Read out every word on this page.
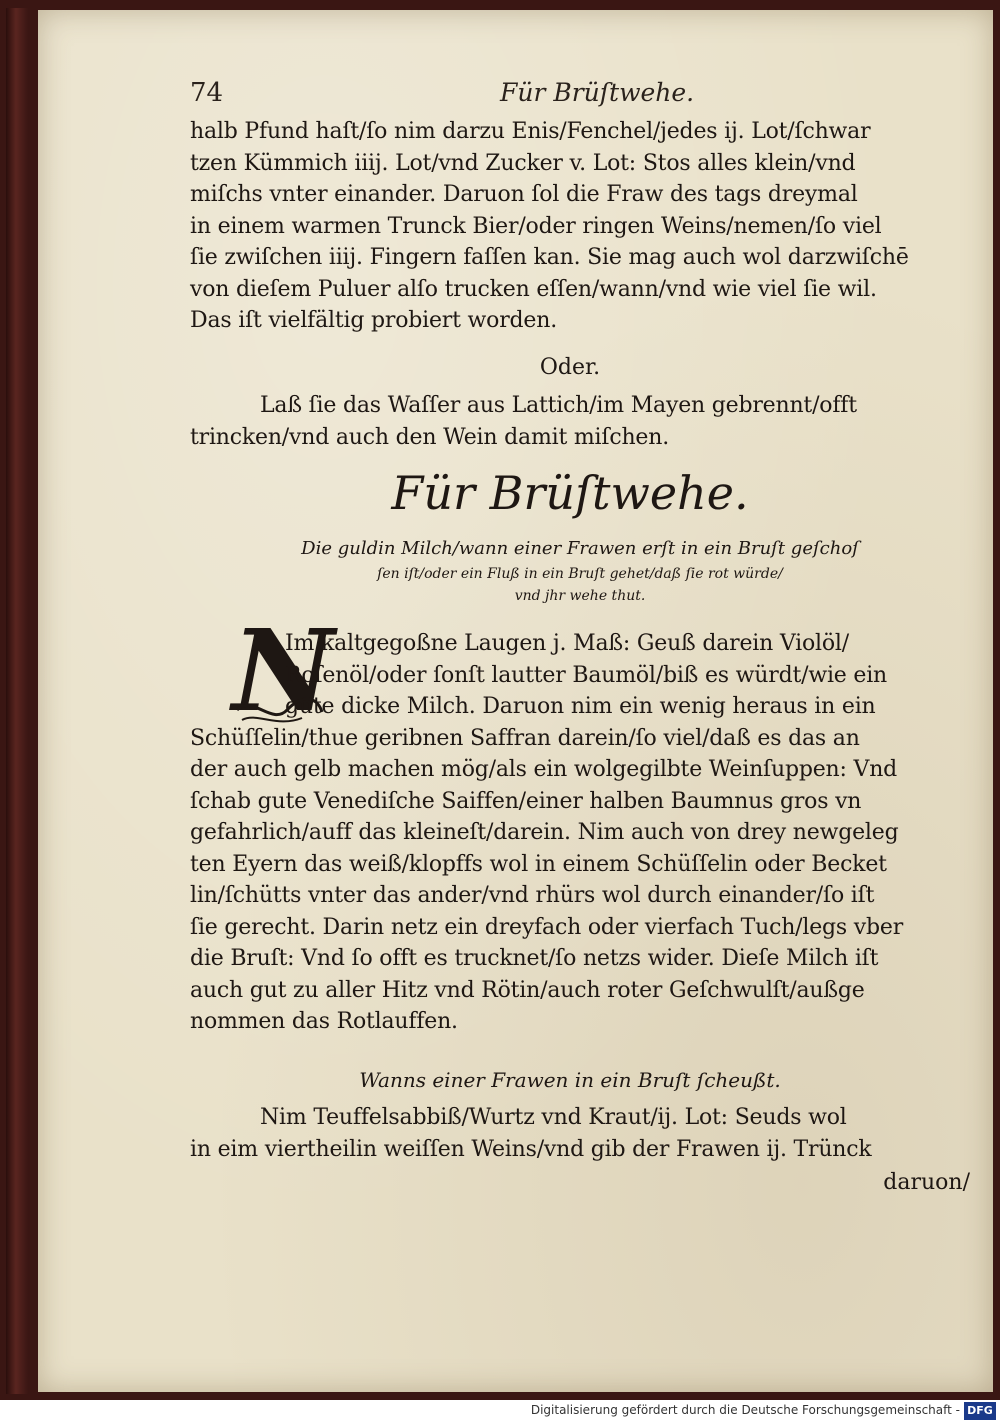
74	Für Brüſtwehe.
halb Pfund haſt/ſo nim darzu Enis/Fenchel/jedes ij. Lot/ſchwar
tzen Kümmich iiij. Lot/vnd Zucker v. Lot: Stos alles klein/vnd
miſchs vnter einander. Daruon ſol die Fraw des tags dreymal
in einem warmen Trunck Bier/oder ringen Weins/nemen/ſo viel
ſie zwiſchen iiij. Fingern faſſen kan. Sie mag auch wol darzwiſchē
von dieſem Puluer alſo trucken eſſen/wann/vnd wie viel ſie wil.
Das iſt vielfältig probiert worden.
Oder.
Laß ſie das Waſſer aus Lattich/im Mayen gebrennt/offt
trincken/vnd auch den Wein damit miſchen.
Für Brüſtwehe.
Die guldin Milch/wann einer Frawen erſt in ein Bruſt geſchoſ
ſen iſt/oder ein Fluß in ein Bruſt gehet/daß ſie rot würde/
vnd jhr wehe thut.
N
Im kaltgegoßne Laugen j. Maß: Geuß darein Violöl/
Roſenöl/oder ſonſt lautter Baumöl/biß es würdt/wie ein
gute dicke Milch. Daruon nim ein wenig heraus in ein
Schüſſelin/thue geribnen Saffran darein/ſo viel/daß es das an
der auch gelb machen mög/als ein wolgegilbte Weinſuppen: Vnd
ſchab gute Venediſche Saiffen/einer halben Baumnus gros vn
gefahrlich/auff das kleineſt/darein. Nim auch von drey newgeleg
ten Eyern das weiß/klopffs wol in einem Schüſſelin oder Becket
lin/ſchütts vnter das ander/vnd rhürs wol durch einander/ſo iſt
ſie gerecht. Darin netz ein dreyfach oder vierfach Tuch/legs vber
die Bruſt: Vnd ſo offt es trucknet/ſo netzs wider. Dieſe Milch iſt
auch gut zu aller Hitz vnd Rötin/auch roter Geſchwulſt/außge
nommen das Rotlauffen.
Wanns einer Frawen in ein Bruſt ſcheußt.
Nim Teuffelsabbiß/Wurtz vnd Kraut/ij. Lot: Seuds wol
in eim viertheilin weiſſen Weins/vnd gib der Frawen ij. Trünck
daruon/
Digitalisierung gefördert durch die Deutsche Forschungsgemeinschaft - DFG
